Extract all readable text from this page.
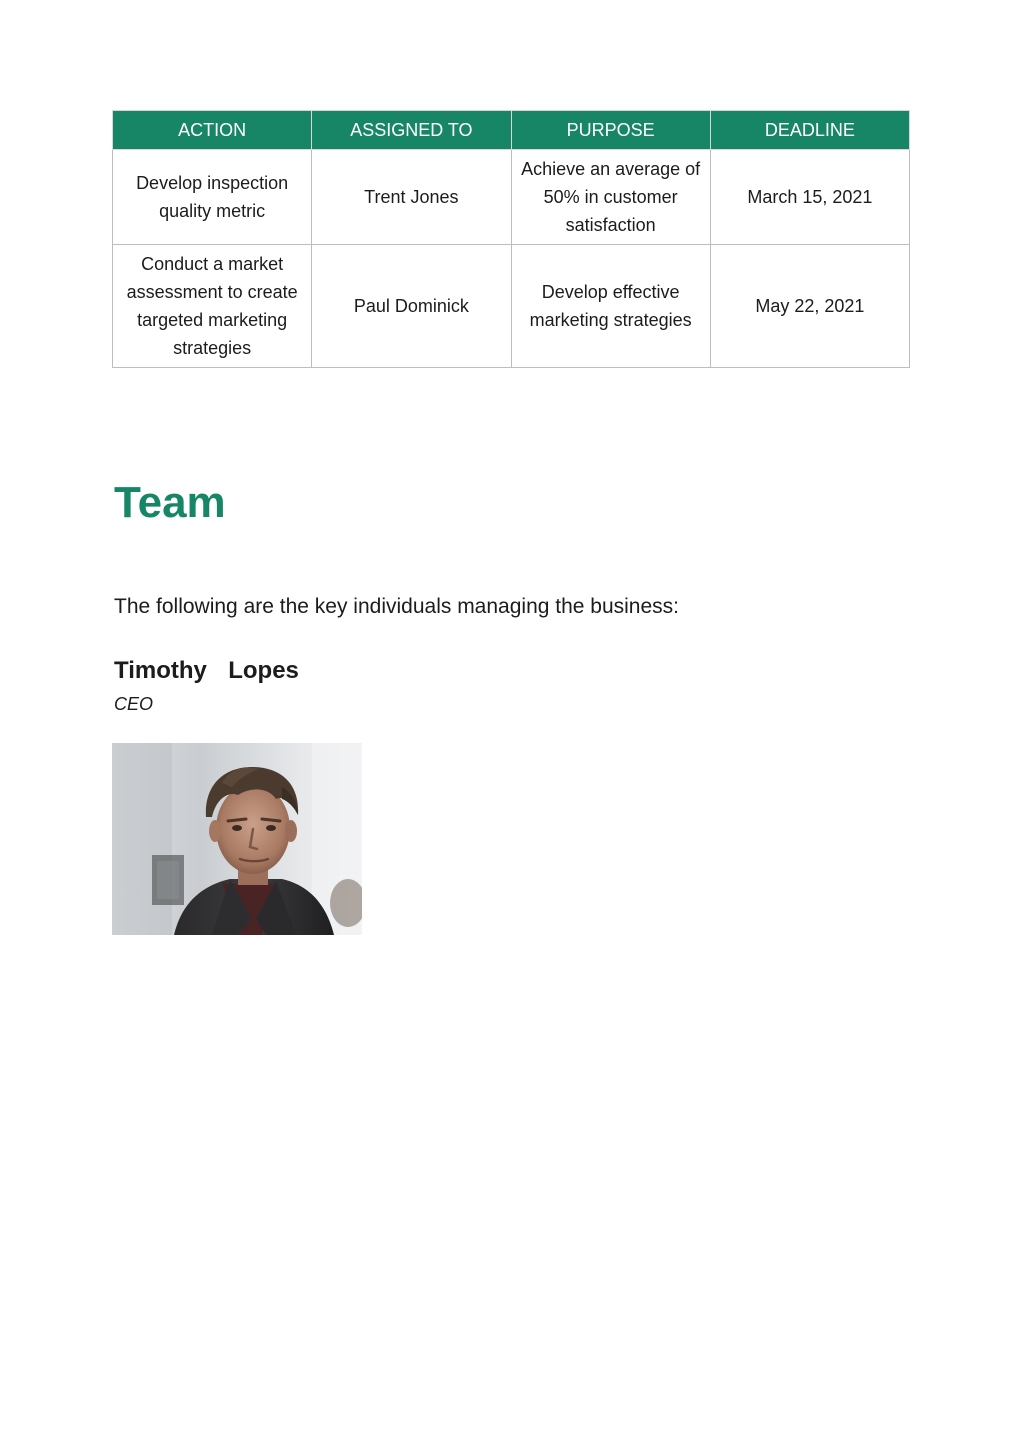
ACTION	ASSIGNED TO	PURPOSE	DEADLINE
Develop inspection quality metric	Trent Jones	Achieve an average of 50% in customer satisfaction	March 15, 2021
Conduct a market assessment to create targeted marketing strategies	Paul Dominick	Develop effective marketing strategies	May 22, 2021
Team

The following are the key individuals managing the business:

Timothy  Lopes

CEO
